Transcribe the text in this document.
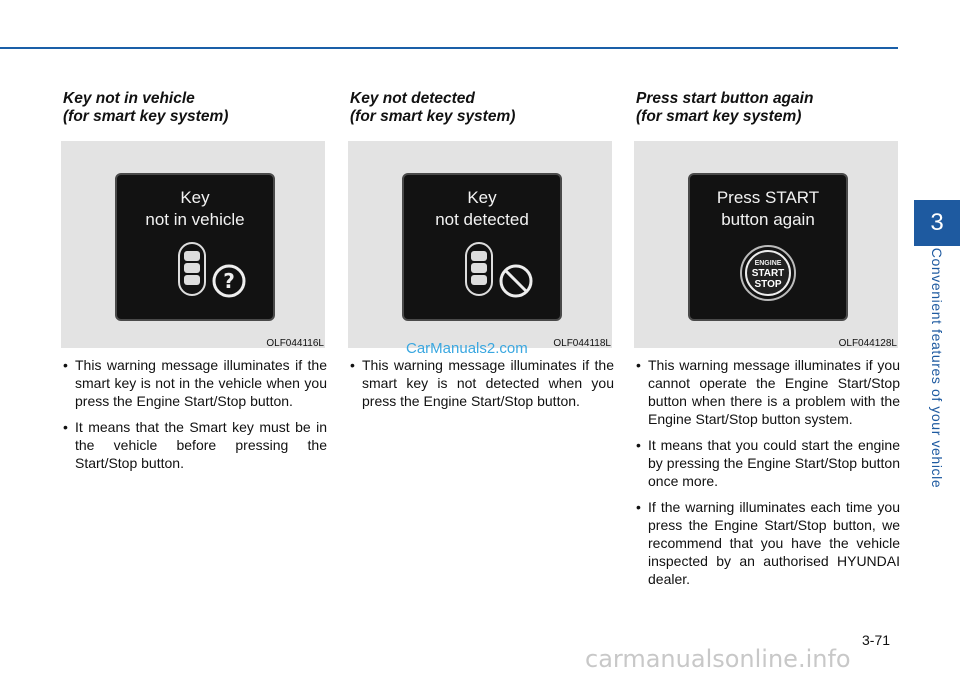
3
Convenient features of your vehicle
Key not in vehicle
(for smart key system)
Key
not in vehicle
?
OLF044116L
• This warning message illuminates if the smart key is not in the vehicle when you press the Engine Start/Stop button.
• It means that the Smart key must be in the vehicle before pressing the Start/Stop button.
Key not detected
(for smart key system)
Key
not detected
OLF044118L
• This warning message illuminates if the smart key is not detected when you press the Engine Start/Stop button.
Press start button again
(for smart key system)
Press START
button again
ENGINE
START
STOP
OLF044128L
• This warning message illuminates if you cannot operate the Engine Start/Stop button when there is a problem with the Engine Start/Stop button system.
• It means that you could start the engine by pressing the Engine Start/Stop button once more.
• If the warning illuminates each time you press the Engine Start/Stop button, we recommend that you have the vehicle inspected by an authorised HYUNDAI dealer.
CarManuals2.com
3-71
carmanualsonline.info
